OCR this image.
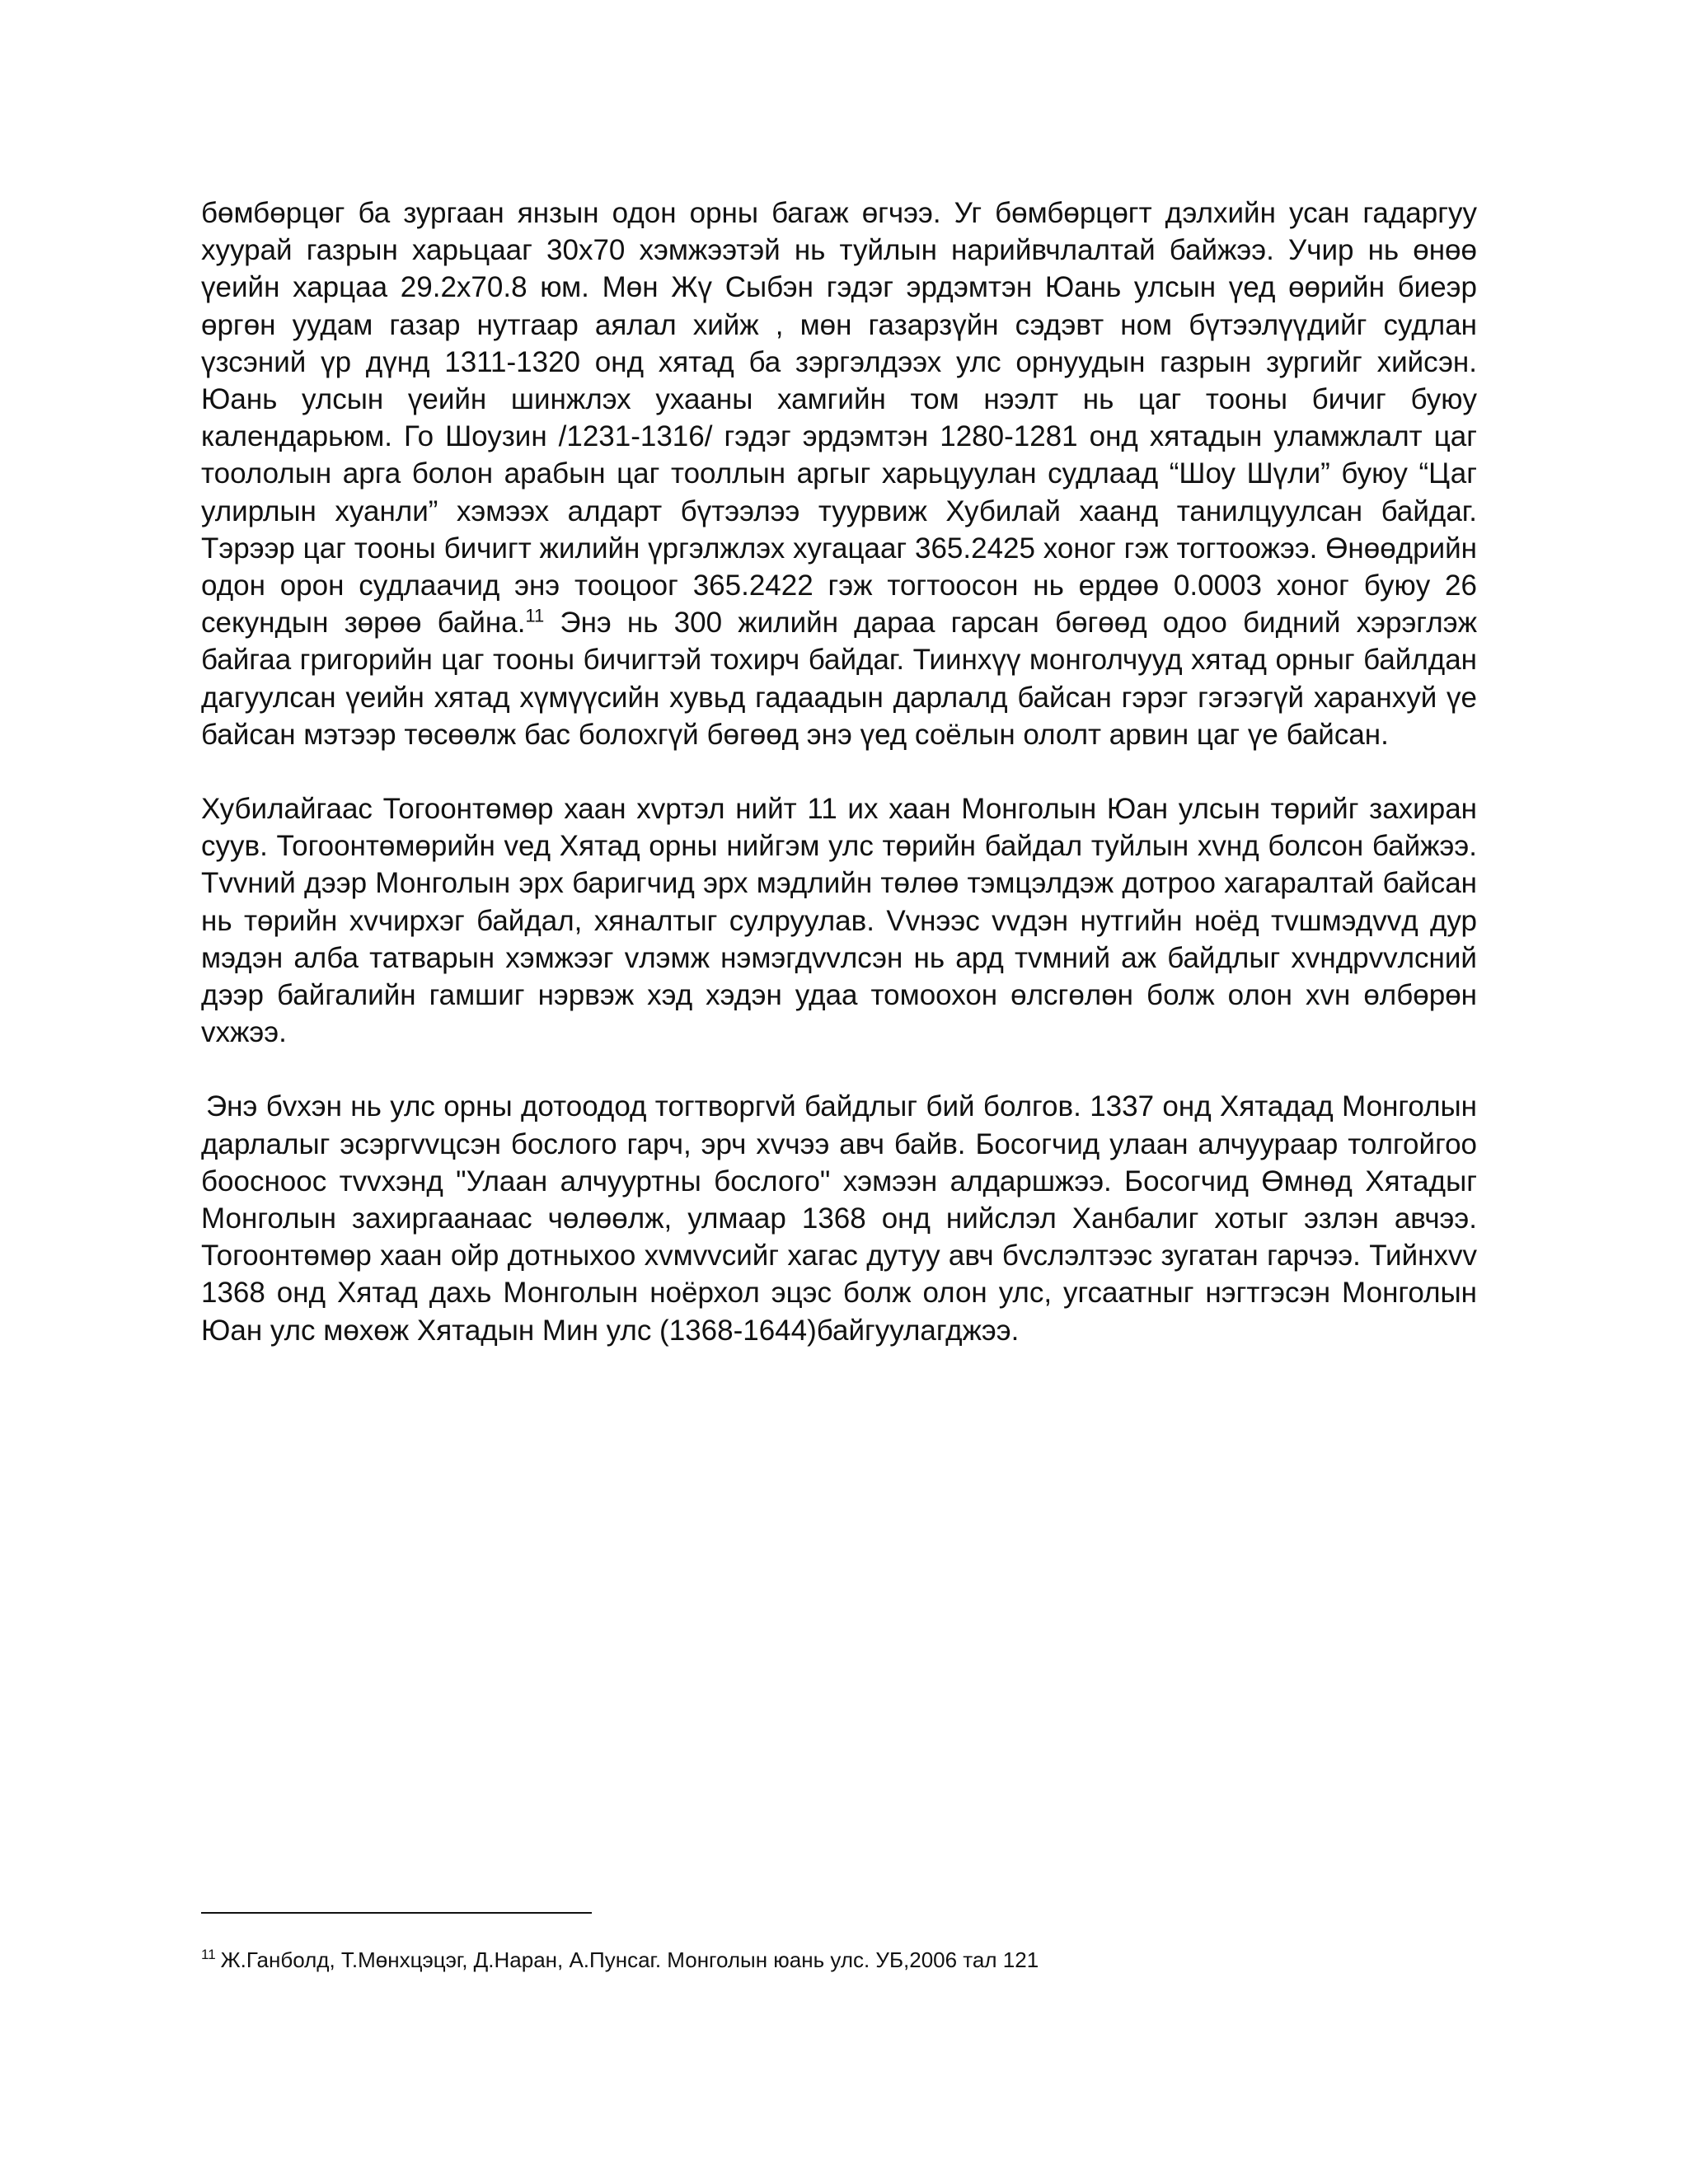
бөмбөрцөг ба зургаан янзын одон орны багаж өгчээ. Уг бөмбөрцөгт дэлхийн усан гадаргуу хуурай газрын харьцааг 30x70 хэмжээтэй нь туйлын нарийвчлалтай байжээ. Учир нь өнөө үеийн харцаа 29.2x70.8 юм. Мөн Жү Сыбэн гэдэг эрдэмтэн Юань улсын үед өөрийн биеэр өргөн уудам газар нутгаар аялал хийж , мөн газарзүйн сэдэвт ном бүтээлүүдийг судлан үзсэний үр дүнд 1311-1320 онд хятад ба зэргэлдээх улс орнуудын газрын зургийг хийсэн. Юань улсын үеийн шинжлэх ухааны хамгийн том нээлт нь цаг тооны бичиг буюу календарьюм. Го Шоузин /1231-1316/ гэдэг эрдэмтэн 1280-1281 онд хятадын уламжлалт цаг тоололын арга болон арабын цаг тооллын аргыг харьцуулан судлаад “Шоу Шүли” буюу “Цаг улирлын хуанли” хэмээх алдарт бүтээлээ туурвиж Хубилай хаанд танилцуулсан байдаг. Тэрээр цаг тооны бичигт жилийн үргэлжлэх хугацааг 365.2425 хоног гэж тогтоожээ. Өнөөдрийн одон орон судлаачид энэ тооцоог 365.2422 гэж тогтоосон нь ердөө 0.0003 хоног буюу 26 секундын зөрөө байна.$^{11}$ Энэ нь 300 жилийн дараа гарсан бөгөөд одоо бидний хэрэглэж байгаа григорийн цаг тооны бичигтэй тохирч байдаг. Тиинхүү монголчууд хятад орныг байлдан дагуулсан үеийн хятад хүмүүсийн хувьд гадаадын дарлалд байсан гэрэг гэгээгүй харанхуй үе байсан мэтээр төсөөлж бас болохгүй бөгөөд энэ үед соёлын ололт арвин цаг үе байсан.

Хубилайгаас Тогоонтөмөр хаан хvртэл нийт 11 их хаан Монголын Юан улсын төрийг захиран суув. Тогоонтөмөрийн vед Хятад орны нийгэм улс төрийн байдал туйлын хvнд болсон байжээ. Тvvний дээр Монголын эрх баригчид эрх мэдлийн төлөө тэмцэлдэж дотроо хагаралтай байсан нь төрийн хvчирхэг байдал, хяналтыг сулруулав. Vvнээс vvдэн нутгийн ноёд тvшмэдvvд дур мэдэн алба татварын хэмжээг vлэмж нэмэгдvvлсэн нь ард тvмний аж байдлыг хvндрvvлсний дээр байгалийн гамшиг нэрвэж хэд хэдэн удаа томоохон өлсгөлөн болж олон хvн өлбөрөн vхжээ.

Энэ бvхэн нь улс орны дотоодод тогтворгvй байдлыг бий болгов. 1337 онд Хятадад Монголын дарлалыг эсэргvvцсэн бослого гарч, эрч хvчээ авч байв. Босогчид улаан алчуураар толгойгоо боосноос тvvхэнд "Улаан алчууртны бослого" хэмээн алдаршжээ. Босогчид Өмнөд Хятадыг Монголын захиргаанаас чөлөөлж, улмаар 1368 онд нийслэл Ханбалиг хотыг эзлэн авчээ. Тогоонтөмөр хаан ойр дотныхоо хvмvvсийг хагас дутуу авч бvслэлтээс зугатан гарчээ. Тийнхvv 1368 онд Хятад дахь Монголын ноёрхол эцэс болж олон улс, угсаатныг нэгтгэсэн Монголын Юан улс мөхөж Хятадын Мин улс (1368-1644)байгуулагджээ.

$^{11}$ Ж.Ганболд, Т.Мөнхцэцэг, Д.Наран, А.Пунсаг. Монголын юань улс. УБ,2006 тал 121
